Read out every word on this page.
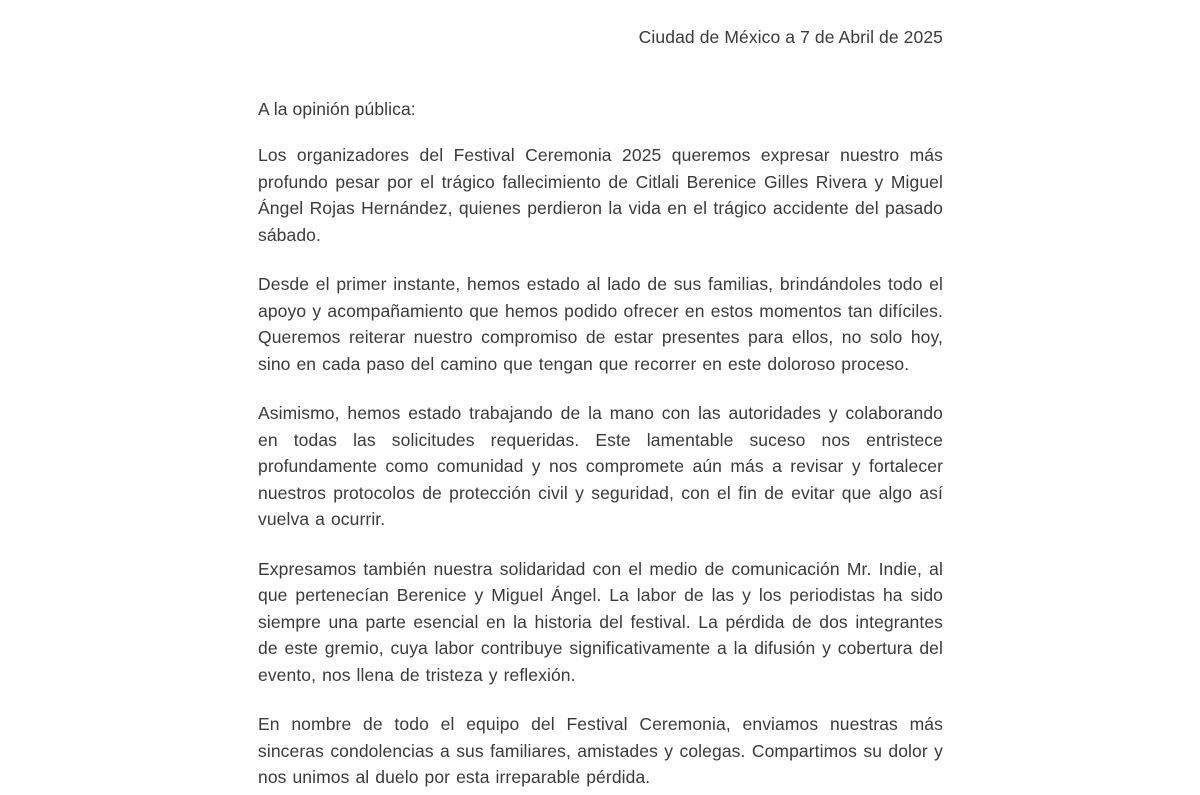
Ciudad de México a 7 de Abril de 2025
A la opinión pública:

Los organizadores del Festival Ceremonia 2025 queremos expresar nuestro más profundo pesar por el trágico fallecimiento de Citlali Berenice Gilles Rivera y Miguel Ángel Rojas Hernández, quienes perdieron la vida en el trágico accidente del pasado sábado.

Desde el primer instante, hemos estado al lado de sus familias, brindándoles todo el apoyo y acompañamiento que hemos podido ofrecer en estos momentos tan difíciles. Queremos reiterar nuestro compromiso de estar presentes para ellos, no solo hoy, sino en cada paso del camino que tengan que recorrer en este doloroso proceso.

Asimismo, hemos estado trabajando de la mano con las autoridades y colaborando en todas las solicitudes requeridas. Este lamentable suceso nos entristece profundamente como comunidad y nos compromete aún más a revisar y fortalecer nuestros protocolos de protección civil y seguridad, con el fin de evitar que algo así vuelva a ocurrir.

Expresamos también nuestra solidaridad con el medio de comunicación Mr. Indie, al que pertenecían Berenice y Miguel Ángel. La labor de las y los periodistas ha sido siempre una parte esencial en la historia del festival. La pérdida de dos integrantes de este gremio, cuya labor contribuye significativamente a la difusión y cobertura del evento, nos llena de tristeza y reflexión.

En nombre de todo el equipo del Festival Ceremonia, enviamos nuestras más sinceras condolencias a sus familiares, amistades y colegas. Compartimos su dolor y nos unimos al duelo por esta irreparable pérdida.
